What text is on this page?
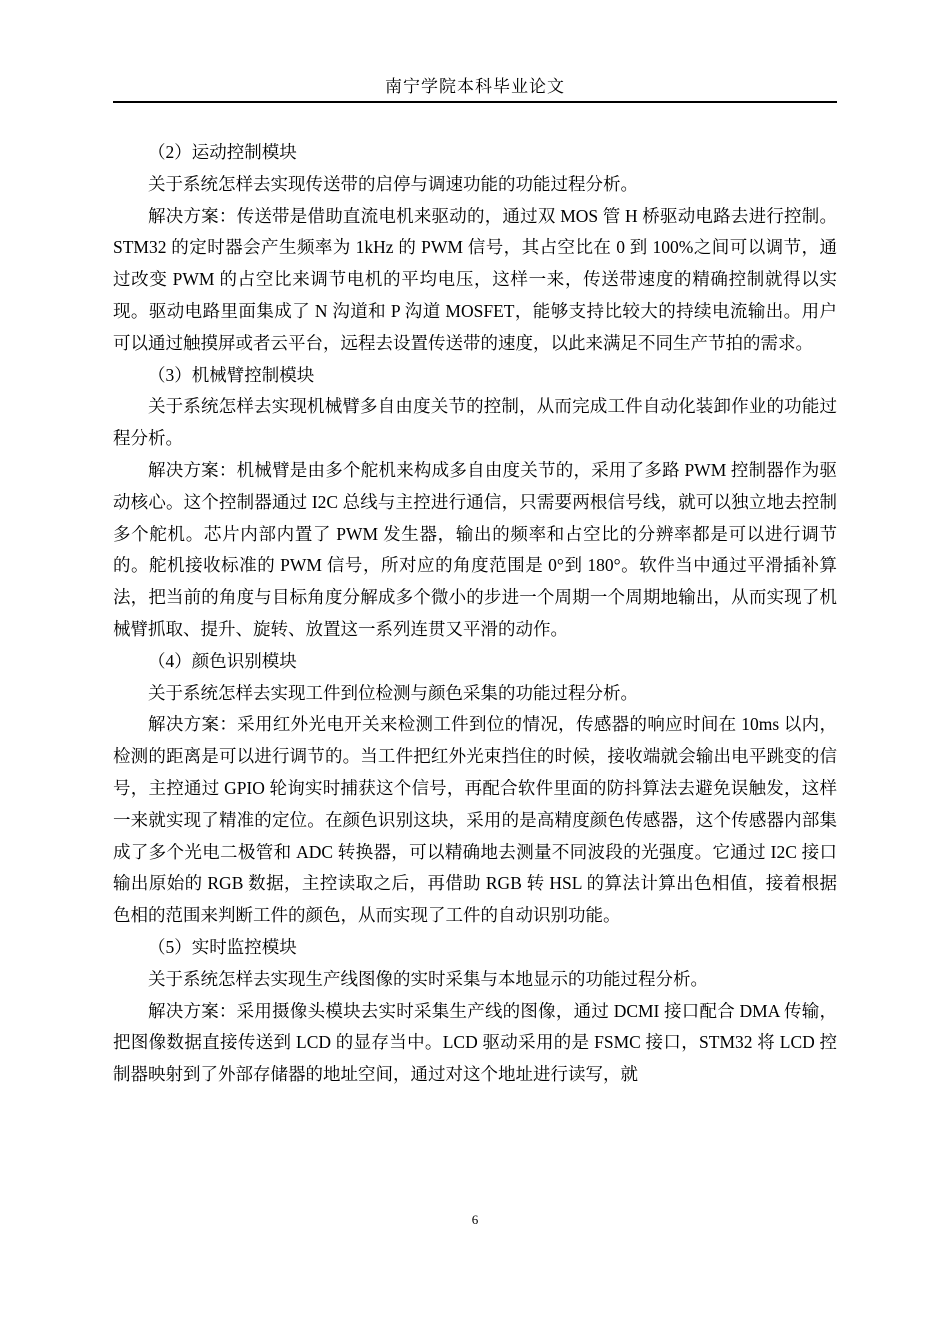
南宁学院本科毕业论文

（2）运动控制模块

关于系统怎样去实现传送带的启停与调速功能的功能过程分析。

解决方案：传送带是借助直流电机来驱动的，通过双 MOS 管 H 桥驱动电路去进行控制。STM32 的定时器会产生频率为 1kHz 的 PWM 信号，其占空比在 0 到 100%之间可以调节，通过改变 PWM 的占空比来调节电机的平均电压，这样一来，传送带速度的精确控制就得以实现。驱动电路里面集成了 N 沟道和 P 沟道 MOSFET，能够支持比较大的持续电流输出。用户可以通过触摸屏或者云平台，远程去设置传送带的速度，以此来满足不同生产节拍的需求。

（3）机械臂控制模块

关于系统怎样去实现机械臂多自由度关节的控制，从而完成工件自动化装卸作业的功能过程分析。

解决方案：机械臂是由多个舵机来构成多自由度关节的，采用了多路 PWM 控制器作为驱动核心。这个控制器通过 I2C 总线与主控进行通信，只需要两根信号线，就可以独立地去控制多个舵机。芯片内部内置了 PWM 发生器，输出的频率和占空比的分辨率都是可以进行调节的。舵机接收标准的 PWM 信号，所对应的角度范围是 0°到 180°。软件当中通过平滑插补算法，把当前的角度与目标角度分解成多个微小的步进一个周期一个周期地输出，从而实现了机械臂抓取、提升、旋转、放置这一系列连贯又平滑的动作。

（4）颜色识别模块

关于系统怎样去实现工件到位检测与颜色采集的功能过程分析。

解决方案：采用红外光电开关来检测工件到位的情况，传感器的响应时间在 10ms 以内，检测的距离是可以进行调节的。当工件把红外光束挡住的时候，接收端就会输出电平跳变的信号，主控通过 GPIO 轮询实时捕获这个信号，再配合软件里面的防抖算法去避免误触发，这样一来就实现了精准的定位。在颜色识别这块，采用的是高精度颜色传感器，这个传感器内部集成了多个光电二极管和 ADC 转换器，可以精确地去测量不同波段的光强度。它通过 I2C 接口输出原始的 RGB 数据，主控读取之后，再借助 RGB 转 HSL 的算法计算出色相值，接着根据色相的范围来判断工件的颜色，从而实现了工件的自动识别功能。

（5）实时监控模块

关于系统怎样去实现生产线图像的实时采集与本地显示的功能过程分析。

解决方案：采用摄像头模块去实时采集生产线的图像，通过 DCMI 接口配合 DMA 传输，把图像数据直接传送到 LCD 的显存当中。LCD 驱动采用的是 FSMC 接口，STM32 将 LCD 控制器映射到了外部存储器的地址空间，通过对这个地址进行读写，就

6
